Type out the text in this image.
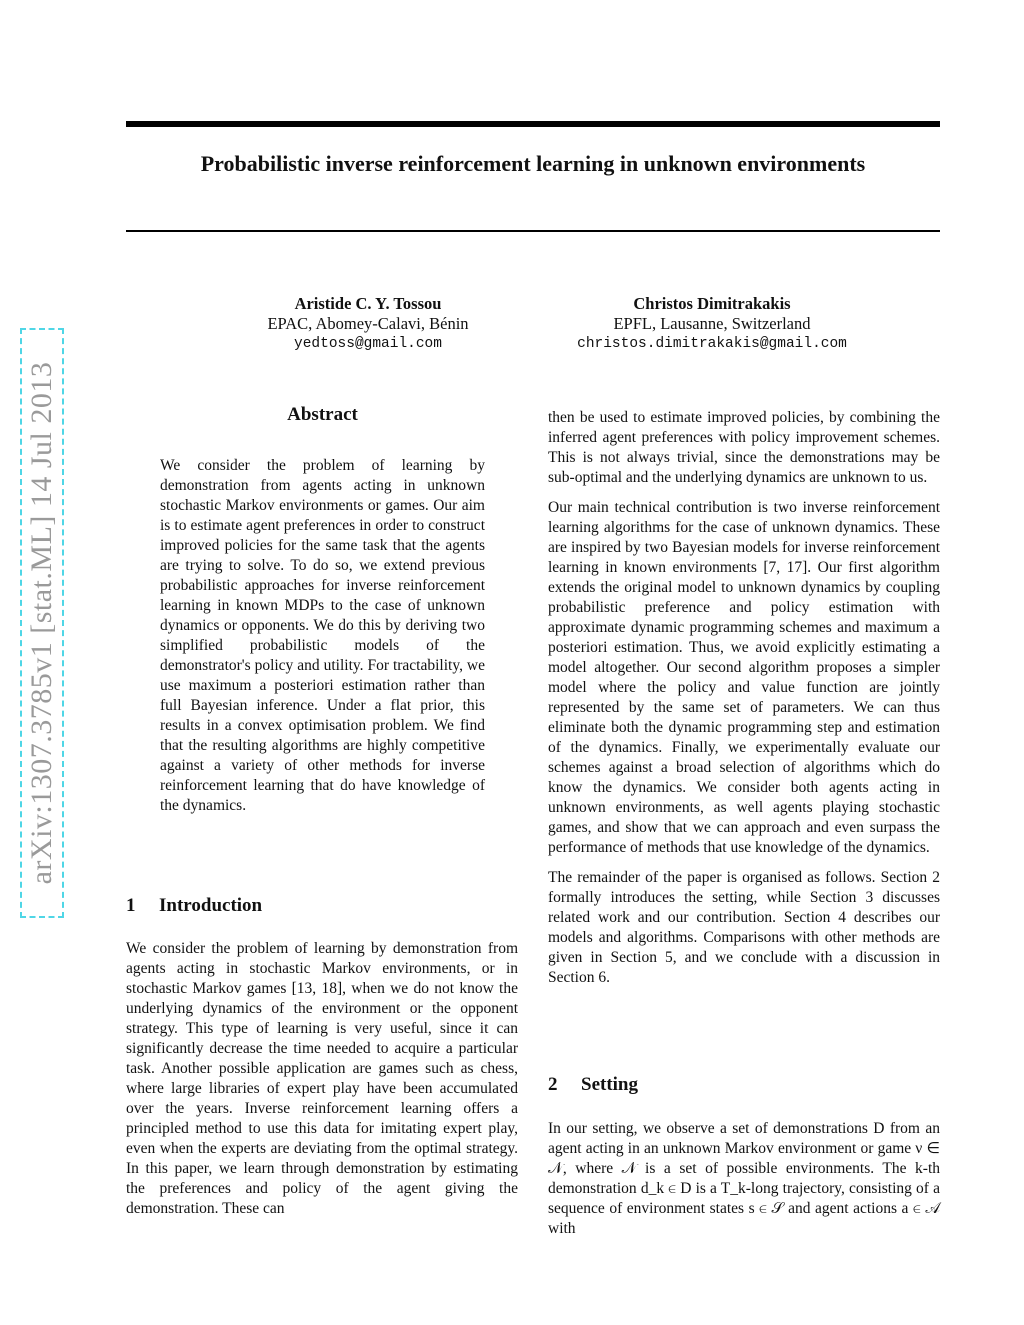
Probabilistic inverse reinforcement learning in unknown environments
Aristide C. Y. Tossou
EPAC, Abomey-Calavi, Bénin
yedtoss@gmail.com
Christos Dimitrakakis
EPFL, Lausanne, Switzerland
christos.dimitrakakis@gmail.com
arXiv:1307.3785v1 [stat.ML] 14 Jul 2013	Abstract
We consider the problem of learning by demonstration from agents acting in unknown stochastic Markov environments or games. Our aim is to estimate agent preferences in order to construct improved policies for the same task that the agents are trying to solve. To do so, we extend previous probabilistic approaches for inverse reinforcement learning in known MDPs to the case of unknown dynamics or opponents. We do this by deriving two simplified probabilistic models of the demonstrator's policy and utility. For tractability, we use maximum a posteriori estimation rather than full Bayesian inference. Under a flat prior, this results in a convex optimisation problem. We find that the resulting algorithms are highly competitive against a variety of other methods for inverse reinforcement learning that do have knowledge of the dynamics.
1 Introduction

We consider the problem of learning by demonstration from agents acting in stochastic Markov environments, or in stochastic Markov games [13, 18], when we do not know the underlying dynamics of the environment or the opponent strategy. This type of learning is very useful, since it can significantly decrease the time needed to acquire a particular task. Another possible application are games such as chess, where large libraries of expert play have been accumulated over the years. Inverse reinforcement learning offers a principled method to use this data for imitating expert play, even when the experts are deviating from the optimal strategy. In this paper, we learn through demonstration by estimating the preferences and policy of the agent giving the demonstration. These can

then be used to estimate improved policies, by combining the inferred agent preferences with policy improvement schemes. This is not always trivial, since the demonstrations may be sub-optimal and the underlying dynamics are unknown to us.

Our main technical contribution is two inverse reinforcement learning algorithms for the case of unknown dynamics. These are inspired by two Bayesian models for inverse reinforcement learning in known environments [7, 17]. Our first algorithm extends the original model to unknown dynamics by coupling probabilistic preference and policy estimation with approximate dynamic programming schemes and maximum a posteriori estimation. Thus, we avoid explicitly estimating a model altogether. Our second algorithm proposes a simpler model where the policy and value function are jointly represented by the same set of parameters. We can thus eliminate both the dynamic programming step and estimation of the dynamics. Finally, we experimentally evaluate our schemes against a broad selection of algorithms which do know the dynamics. We consider both agents acting in unknown environments, as well agents playing stochastic games, and show that we can approach and even surpass the performance of methods that use knowledge of the dynamics.

The remainder of the paper is organised as follows. Section 2 formally introduces the setting, while Section 3 discusses related work and our contribution. Section 4 describes our models and algorithms. Comparisons with other methods are given in Section 5, and we conclude with a discussion in Section 6.

2 Setting

In our setting, we observe a set of demonstrations D from an agent acting in an unknown Markov environment or game ν ∈ 𝒩, where 𝒩 is a set of possible environments. The k-th demonstration d_k ∈ D is a T_k-long trajectory, consisting of a sequence of environment states s ∈ 𝒮 and agent actions a ∈ 𝒜 with
